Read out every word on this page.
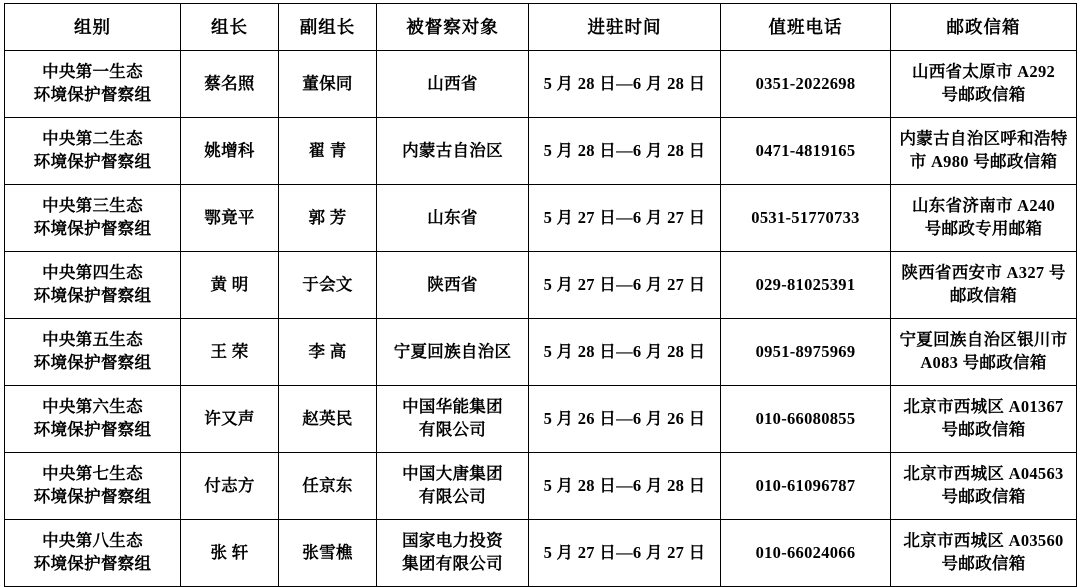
组别	组长	副组长	被督察对象	进驻时间	值班电话	邮政信箱

中央第一生态
环境保护督察组	蔡名照	董保同	山西省	5 月 28 日—6 月 28 日	0351-2022698	山西省太原市 A292
号邮政信箱

中央第二生态
环境保护督察组	姚增科	翟 青	内蒙古自治区	5 月 28 日—6 月 28 日	0471-4819165	内蒙古自治区呼和浩特
市 A980 号邮政信箱

中央第三生态
环境保护督察组	鄂竟平	郭 芳	山东省	5 月 27 日—6 月 27 日	0531-51770733	山东省济南市 A240
号邮政专用邮箱

中央第四生态
环境保护督察组	黄 明	于会文	陕西省	5 月 27 日—6 月 27 日	029-81025391	陕西省西安市 A327 号
邮政信箱

中央第五生态
环境保护督察组	王 荣	李 高	宁夏回族自治区	5 月 28 日—6 月 28 日	0951-8975969	宁夏回族自治区银川市
A083 号邮政信箱

中央第六生态
环境保护督察组	许又声	赵英民	中国华能集团
有限公司	5 月 26 日—6 月 26 日	010-66080855	北京市西城区 A01367
号邮政信箱

中央第七生态
环境保护督察组	付志方	任京东	中国大唐集团
有限公司	5 月 28 日—6 月 28 日	010-61096787	北京市西城区 A04563
号邮政信箱

中央第八生态
环境保护督察组	张 轩	张雪樵	国家电力投资
集团有限公司	5 月 27 日—6 月 27 日	010-66024066	北京市西城区 A03560
号邮政信箱
